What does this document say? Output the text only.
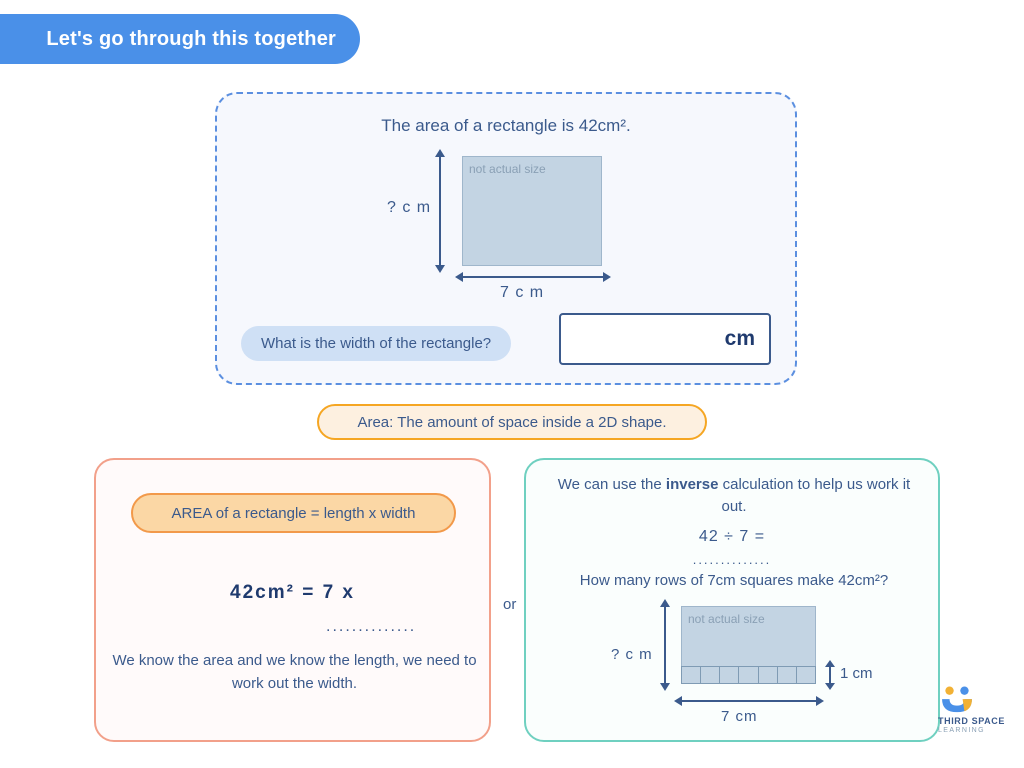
Let's go through this together
The area of a rectangle is 42cm².
? c m
not actual size
7 c m
What is the width of the rectangle?	cm
Area: The amount of space inside a 2D shape.
AREA of a rectangle = length x width
42cm² = 7 x
..............
We know the area and we know the length, we need to work out the width.
or
We can use the inverse calculation to help us work it out.
42 ÷ 7 =
..............
How many rows of 7cm squares make 42cm²?
? c m
not actual size
1 cm
7 cm	THIRD SPACE
LEARNING
